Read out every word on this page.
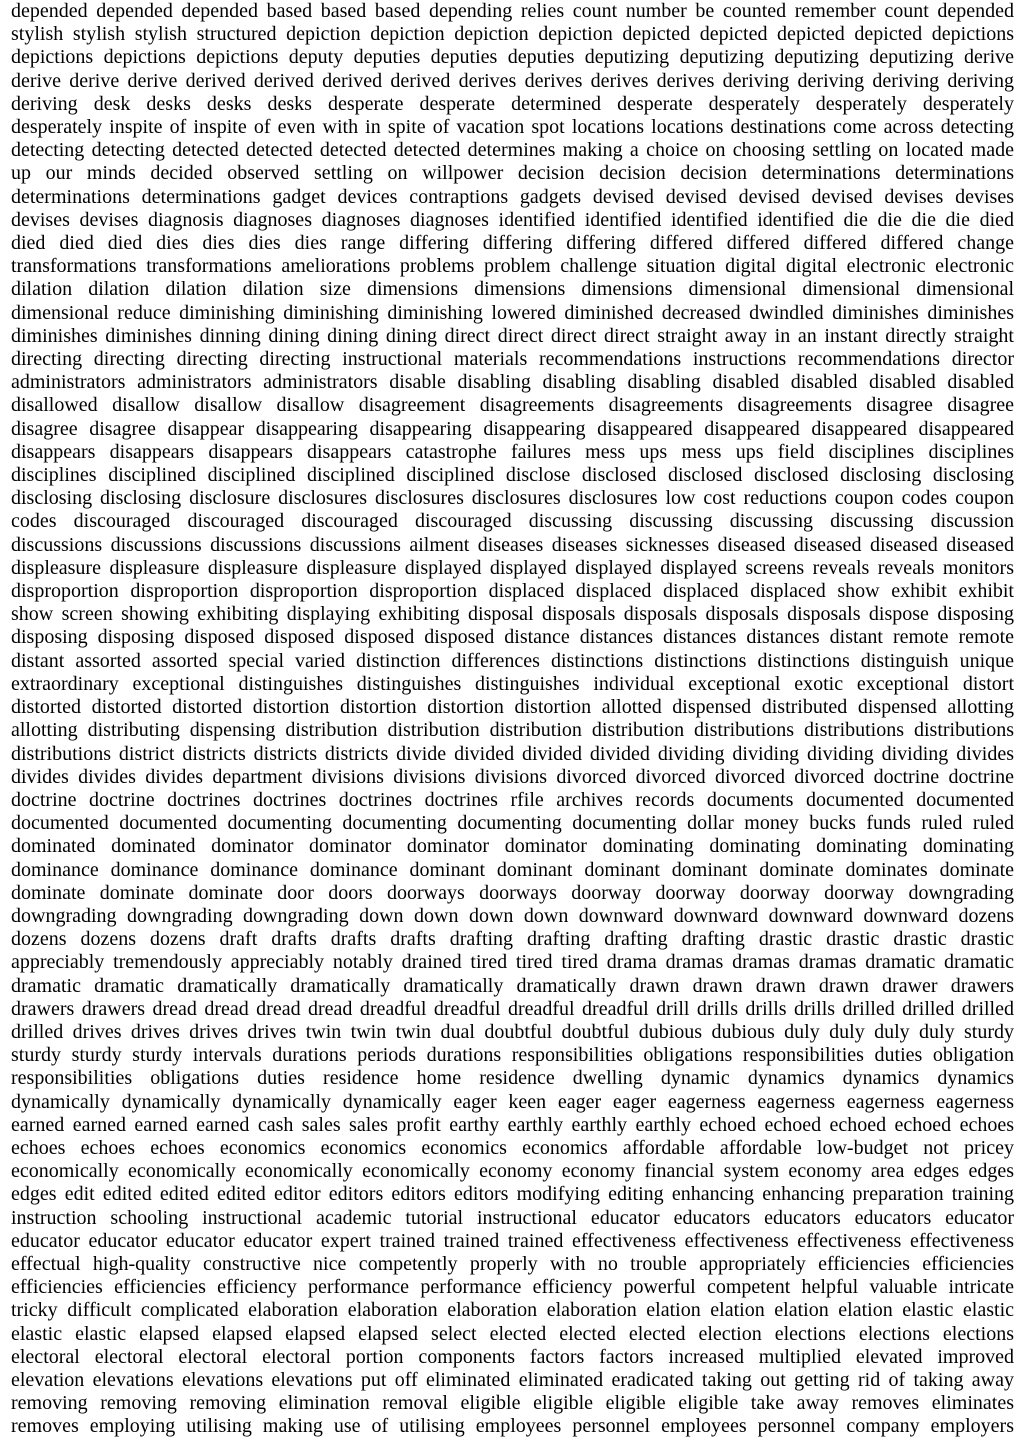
depended depended depended based based based depending relies count number be counted remember count depended
stylish stylish stylish structured depiction depiction depiction depiction depicted depicted depicted depicted depictions
depictions depictions depictions deputy deputies deputies deputies deputizing deputizing deputizing deputizing derive
derive derive derive derived derived derived derived derives derives derives derives deriving deriving deriving deriving
deriving desk desks desks desks desperate desperate determined desperate desperately desperately desperately
desperately inspite of inspite of even with in spite of vacation spot locations locations destinations come across detecting
detecting detecting detected detected detected detected determines making a choice on choosing settling on located made
up our minds decided observed settling on willpower decision decision decision determinations determinations
determinations determinations gadget devices contraptions gadgets devised devised devised devised devises devises
devises devises diagnosis diagnoses diagnoses diagnoses identified identified identified identified die die die die died
died died died dies dies dies dies range differing differing differing differed differed differed differed change
transformations transformations ameliorations problems problem challenge situation digital digital electronic electronic
dilation dilation dilation dilation size dimensions dimensions dimensions dimensional dimensional dimensional
dimensional reduce diminishing diminishing diminishing lowered diminished decreased dwindled diminishes diminishes
diminishes diminishes dinning dining dining dining direct direct direct direct straight away in an instant directly straight
directing directing directing directing instructional materials recommendations instructions recommendations director
administrators administrators administrators disable disabling disabling disabling disabled disabled disabled disabled
disallowed disallow disallow disallow disagreement disagreements disagreements disagreements disagree disagree
disagree disagree disappear disappearing disappearing disappearing disappeared disappeared disappeared disappeared
disappears disappears disappears disappears catastrophe failures mess ups mess ups field disciplines disciplines
disciplines disciplined disciplined disciplined disciplined disclose disclosed disclosed disclosed disclosing disclosing
disclosing disclosing disclosure disclosures disclosures disclosures disclosures low cost reductions coupon codes coupon
codes discouraged discouraged discouraged discouraged discussing discussing discussing discussing discussion
discussions discussions discussions discussions ailment diseases diseases sicknesses diseased diseased diseased diseased
displeasure displeasure displeasure displeasure displayed displayed displayed displayed screens reveals reveals monitors
disproportion disproportion disproportion disproportion displaced displaced displaced displaced show exhibit exhibit
show screen showing exhibiting displaying exhibiting disposal disposals disposals disposals disposals dispose disposing
disposing disposing disposed disposed disposed disposed distance distances distances distances distant remote remote
distant assorted assorted special varied distinction differences distinctions distinctions distinctions distinguish unique
extraordinary exceptional distinguishes distinguishes distinguishes individual exceptional exotic exceptional distort
distorted distorted distorted distortion distortion distortion distortion allotted dispensed distributed dispensed allotting
allotting distributing dispensing distribution distribution distribution distribution distributions distributions distributions
distributions district districts districts districts divide divided divided divided dividing dividing dividing dividing divides
divides divides divides department divisions divisions divisions divorced divorced divorced divorced doctrine doctrine
doctrine doctrine doctrines doctrines doctrines doctrines rfile archives records documents documented documented
documented documented documenting documenting documenting documenting dollar money bucks funds ruled ruled
dominated dominated dominator dominator dominator dominator dominating dominating dominating dominating
dominance dominance dominance dominance dominant dominant dominant dominant dominate dominates dominate
dominate dominate dominate door doors doorways doorways doorway doorway doorway doorway downgrading
downgrading downgrading downgrading down down down down downward downward downward downward dozens
dozens dozens dozens draft drafts drafts drafts drafting drafting drafting drafting drastic drastic drastic drastic
appreciably tremendously appreciably notably drained tired tired tired drama dramas dramas dramas dramatic dramatic
dramatic dramatic dramatically dramatically dramatically dramatically drawn drawn drawn drawn drawer drawers
drawers drawers dread dread dread dread dreadful dreadful dreadful dreadful drill drills drills drills drilled drilled drilled
drilled drives drives drives drives twin twin twin dual doubtful doubtful dubious dubious duly duly duly duly sturdy
sturdy sturdy sturdy intervals durations periods durations responsibilities obligations responsibilities duties obligation
responsibilities obligations duties residence home residence dwelling dynamic dynamics dynamics dynamics
dynamically dynamically dynamically dynamically eager keen eager eager eagerness eagerness eagerness eagerness
earned earned earned earned cash sales sales profit earthy earthly earthly earthly echoed echoed echoed echoed echoes
echoes echoes echoes economics economics economics economics affordable affordable low-budget not pricey
economically economically economically economically economy economy financial system economy area edges edges
edges edit edited edited edited editor editors editors editors modifying editing enhancing enhancing preparation training
instruction schooling instructional academic tutorial instructional educator educators educators educators educator
educator educator educator educator expert trained trained trained effectiveness effectiveness effectiveness effectiveness
effectual high-quality constructive nice competently properly with no trouble appropriately efficiencies efficiencies
efficiencies efficiencies efficiency performance performance efficiency powerful competent helpful valuable intricate
tricky difficult complicated elaboration elaboration elaboration elaboration elation elation elation elation elastic elastic
elastic elastic elapsed elapsed elapsed elapsed select elected elected elected election elections elections elections
electoral electoral electoral electoral portion components factors factors increased multiplied elevated improved
elevation elevations elevations elevations put off eliminated eliminated eradicated taking out getting rid of taking away
removing removing removing elimination removal eligible eligible eligible eligible take away removes eliminates
removes employing utilising making use of utilising employees personnel employees personnel company employers
